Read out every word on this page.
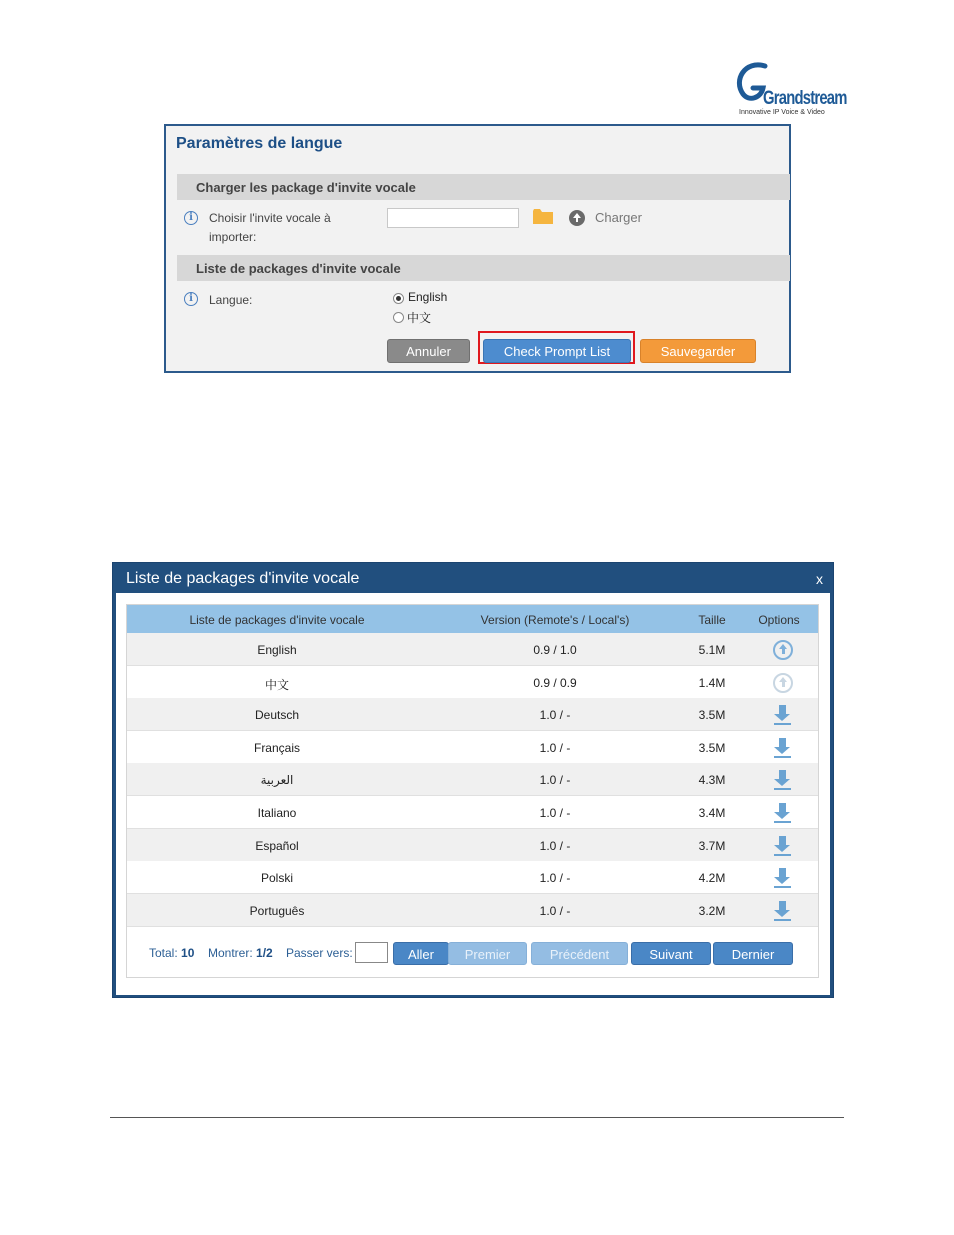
Grandstream
Innovative IP Voice & Video
Paramètres de langue
Charger les package d'invite vocale
i	Choisir l'invite vocale à importer:
Charger
Liste de packages d'invite vocale
i	Langue:	English
中文
Annuler	Check Prompt List	Sauvegarder
Liste de packages d'invite vocale	x
Liste de packages d'invite vocale	Version (Remote's / Local's)	Taille	Options
English	0.9 / 1.0	5.1M
中文	0.9 / 0.9	1.4M
Deutsch	1.0 / -	3.5M
Français	1.0 / -	3.5M
العربية	1.0 / -	4.3M
Italiano	1.0 / -	3.4M
Español	1.0 / -	3.7M
Polski	1.0 / -	4.2M
Português	1.0 / -	3.2M
Total: 10 Montrer: 1/2 Passer vers:	Aller	Premier	Précédent	Suivant	Dernier
